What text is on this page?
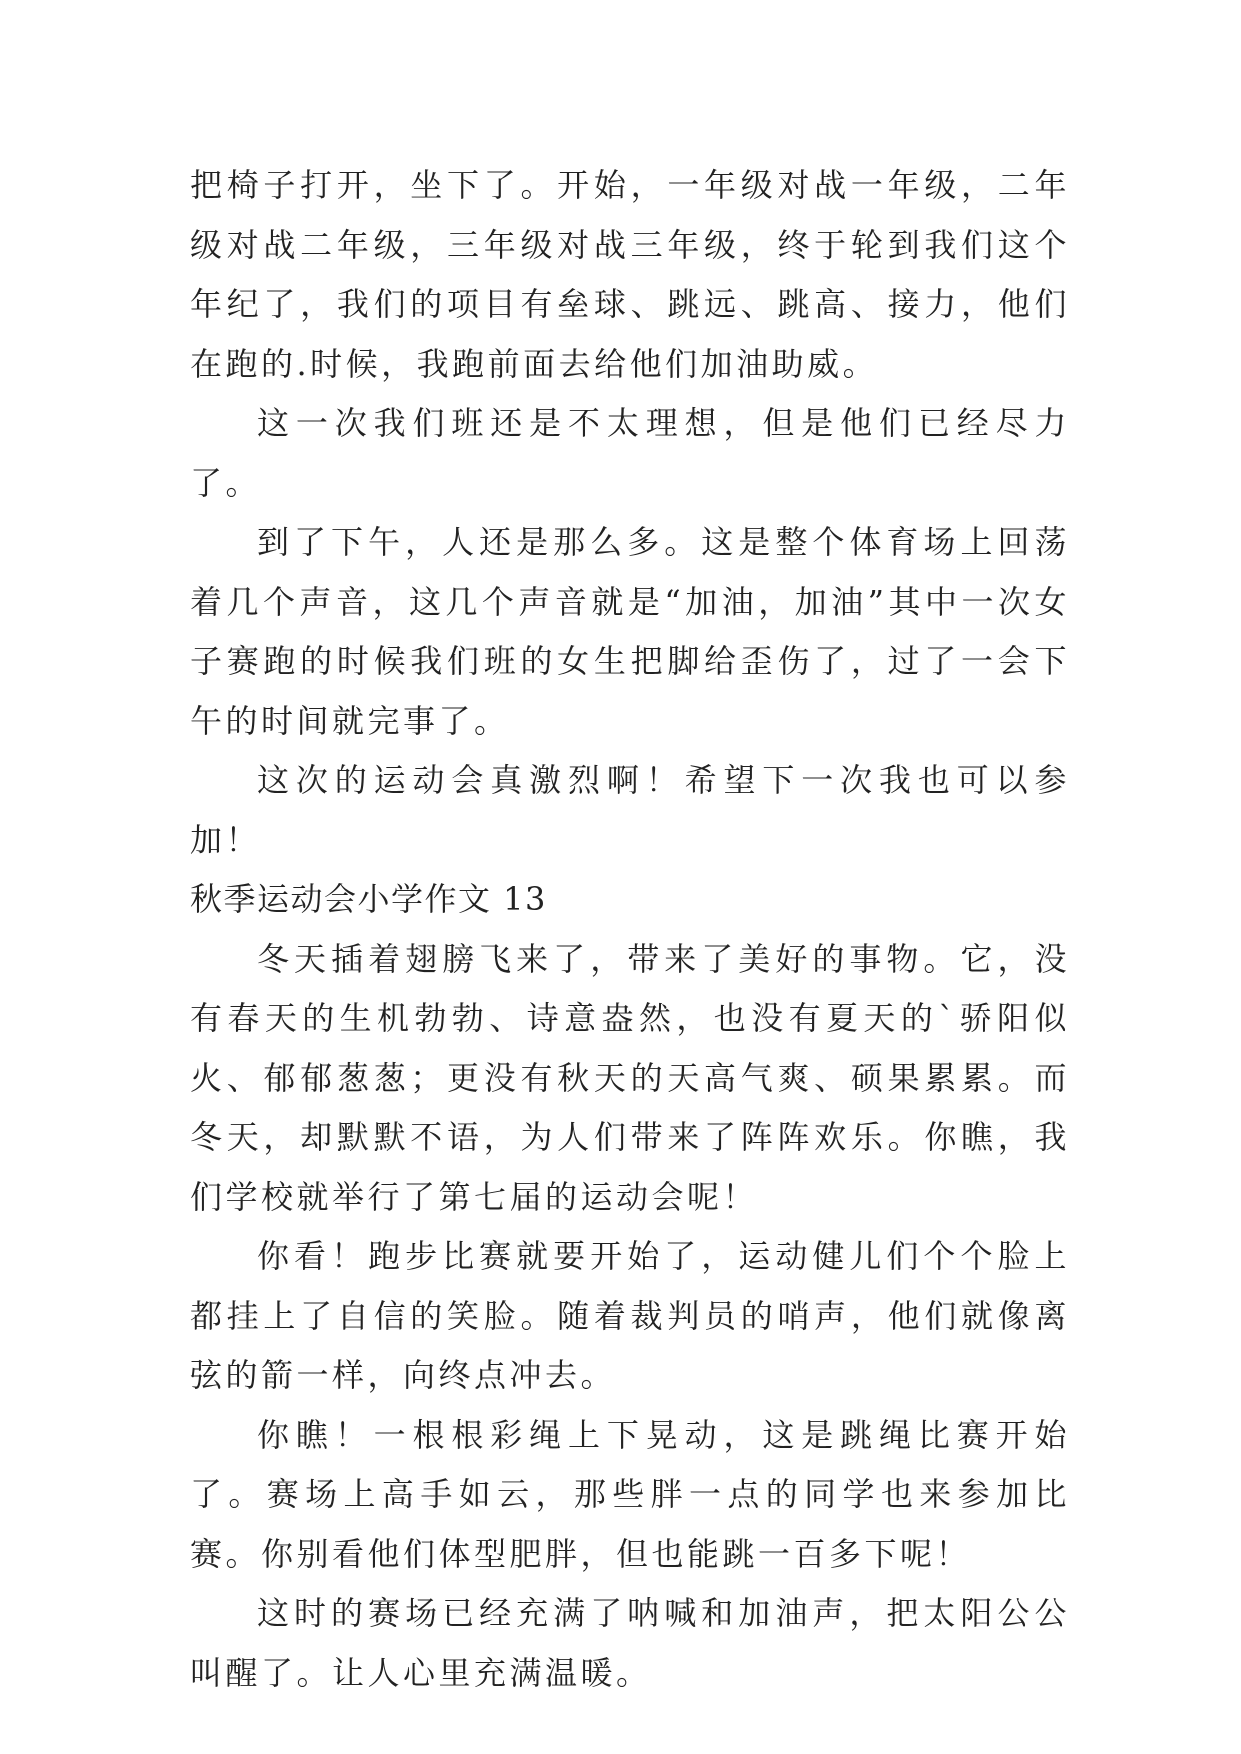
把椅子打开，坐下了。开始，一年级对战一年级，二年级对战二年级，三年级对战三年级，终于轮到我们这个年纪了，我们的项目有垒球、跳远、跳高、接力，他们在跑的.时候，我跑前面去给他们加油助威。

这一次我们班还是不太理想，但是他们已经尽力了。

到了下午，人还是那么多。这是整个体育场上回荡着几个声音，这几个声音就是“加油，加油”其中一次女子赛跑的时候我们班的女生把脚给歪伤了，过了一会下午的时间就完事了。

这次的运动会真激烈啊！希望下一次我也可以参加！

秋季运动会小学作文 13

冬天插着翅膀飞来了，带来了美好的事物。它，没有春天的生机勃勃、诗意盎然，也没有夏天的`骄阳似火、郁郁葱葱；更没有秋天的天高气爽、硕果累累。而冬天，却默默不语，为人们带来了阵阵欢乐。你瞧，我们学校就举行了第七届的运动会呢！

你看！跑步比赛就要开始了，运动健儿们个个脸上都挂上了自信的笑脸。随着裁判员的哨声，他们就像离弦的箭一样，向终点冲去。

你瞧！一根根彩绳上下晃动，这是跳绳比赛开始了。赛场上高手如云，那些胖一点的同学也来参加比赛。你别看他们体型肥胖，但也能跳一百多下呢！

这时的赛场已经充满了呐喊和加油声，把太阳公公叫醒了。让人心里充满温暖。
